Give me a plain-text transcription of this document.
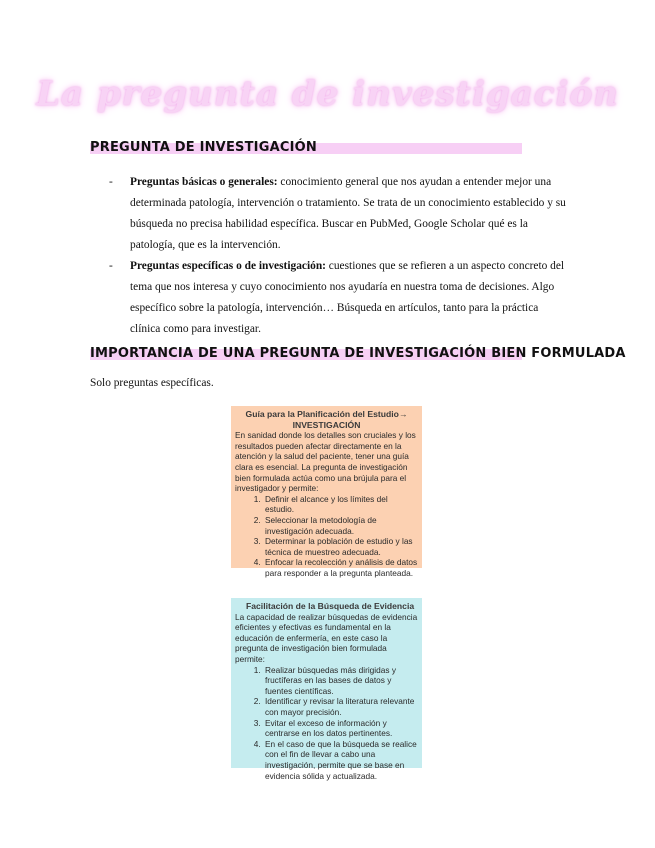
La pregunta de investigación
PREGUNTA DE INVESTIGACIÓN
- Preguntas básicas o generales: conocimiento general que nos ayudan a entender mejor una determinada patología, intervención o tratamiento. Se trata de un conocimiento establecido y su búsqueda no precisa habilidad específica. Buscar en PubMed, Google Scholar qué es la patología, que es la intervención.
- Preguntas específicas o de investigación: cuestiones que se refieren a un aspecto concreto del tema que nos interesa y cuyo conocimiento nos ayudaría en nuestra toma de decisiones. Algo específico sobre la patología, intervención… Búsqueda en artículos, tanto para la práctica clínica como para investigar.
IMPORTANCIA DE UNA PREGUNTA DE INVESTIGACIÓN BIEN FORMULADA
Solo preguntas específicas.
Guía para la Planificación del Estudio→ INVESTIGACIÓN

En sanidad donde los detalles son cruciales y los resultados pueden afectar directamente en la atención y la salud del paciente, tener una guía clara es esencial. La pregunta de investigación bien formulada actúa como una brújula para el investigador y permite:

1. Definir el alcance y los límites del estudio.
2. Seleccionar la metodología de investigación adecuada.
3. Determinar la población de estudio y las técnica de muestreo adecuada.
4. Enfocar la recolección y análisis de datos para responder a la pregunta planteada.
Facilitación de la Búsqueda de Evidencia

La capacidad de realizar búsquedas de evidencia eficientes y efectivas es fundamental en la educación de enfermería, en este caso la pregunta de investigación bien formulada permite:

1. Realizar búsquedas más dirigidas y fructíferas en las bases de datos y fuentes científicas.
2. Identificar y revisar la literatura relevante con mayor precisión.
3. Evitar el exceso de información y centrarse en los datos pertinentes.
4. En el caso de que la búsqueda se realice con el fin de llevar a cabo una investigación, permite que se base en evidencia sólida y actualizada.
